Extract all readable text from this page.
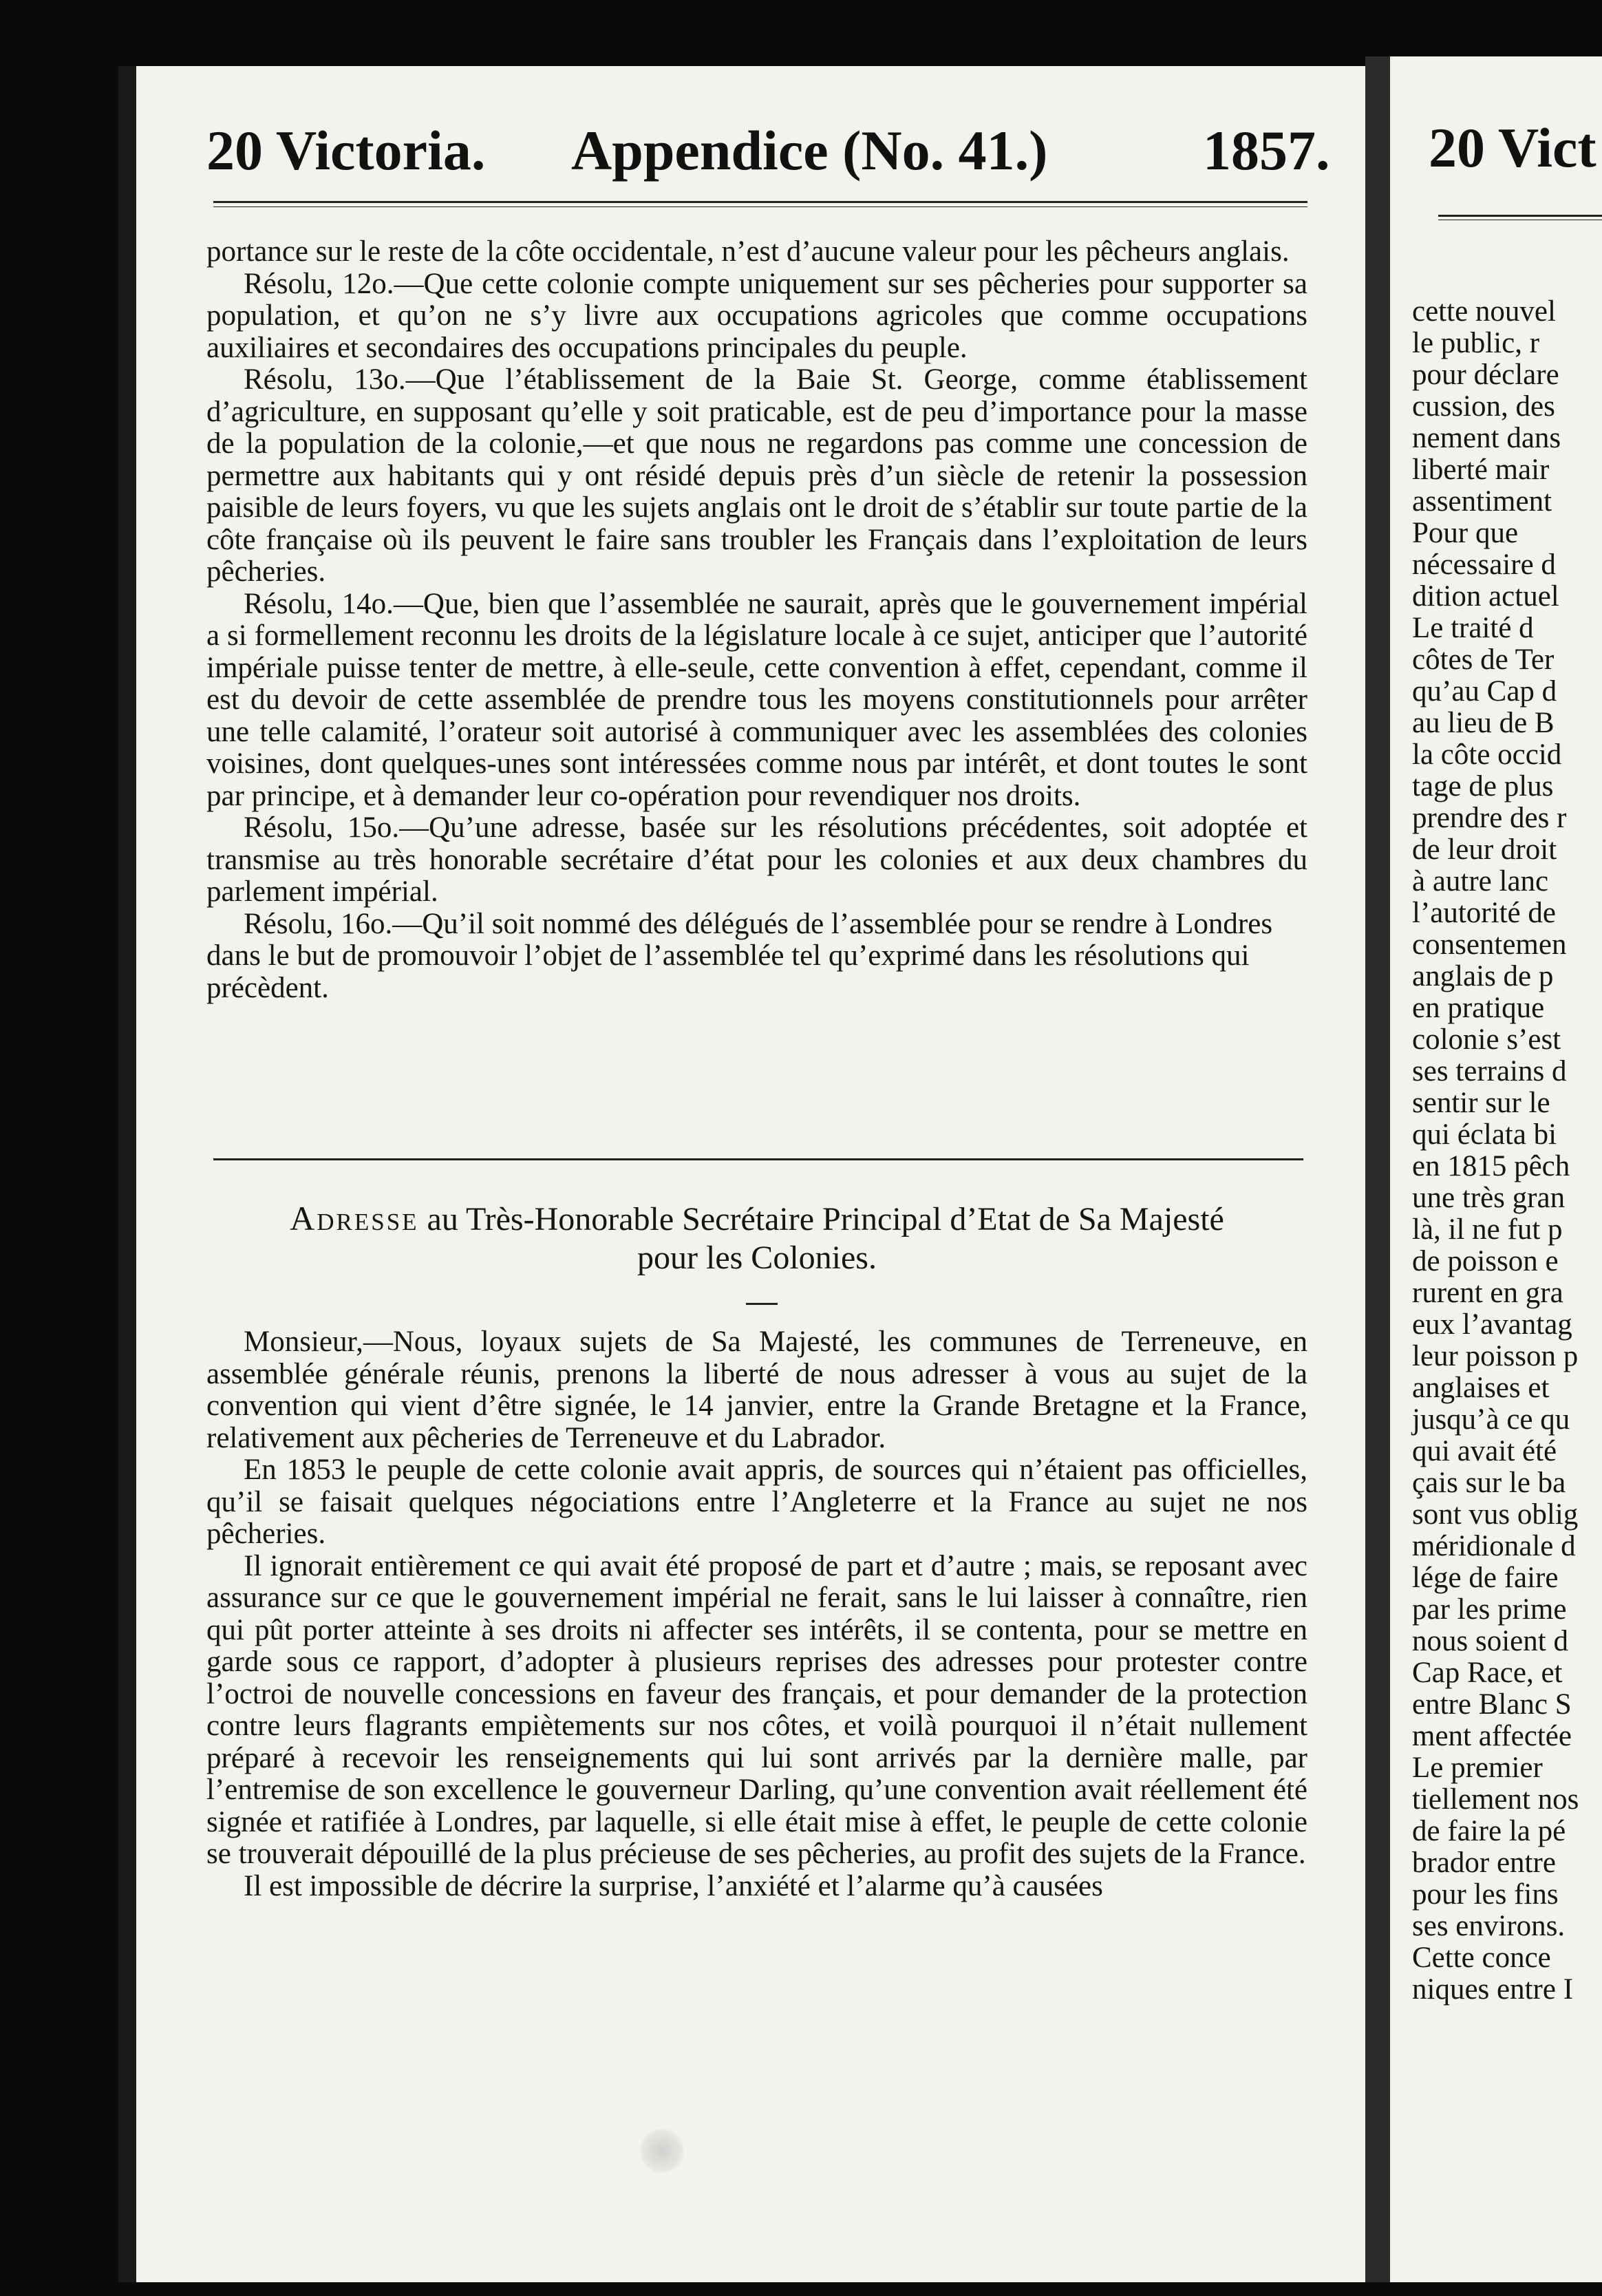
20 Vict
cette nouvel
le public, r
pour déclare
cussion, des
nement dans
liberté mair
assentiment
Pour que
nécessaire d
dition actuel
Le traité d
côtes de Ter
qu’au Cap d
au lieu de B
la côte occid
tage de plus
prendre des r
de leur droit
à autre lanc
l’autorité de
consentemen
anglais de p
en pratique
colonie s’est
ses terrains d
sentir sur le
qui éclata bi
en 1815 pêch
une très gran
là, il ne fut p
de poisson e
rurent en gra
eux l’avantag
leur poisson p
anglaises et
jusqu’à ce qu
qui avait été
çais sur le ba
sont vus oblig
méridionale d
lége de faire
par les prime
nous soient d
Cap Race, et
entre Blanc S
ment affectée
Le premier
tiellement nos
de faire la pé
brador entre
pour les fins
ses environs.
Cette conce
niques entre I
20 Victoria. Appendice (No. 41.)	1857.

portance sur le reste de la côte occidentale, n’est d’aucune valeur pour les pêcheurs anglais.

Résolu, 12o.—Que cette colonie compte uniquement sur ses pêcheries pour supporter sa population, et qu’on ne s’y livre aux occupations agricoles que comme occupations auxiliaires et secondaires des occupations principales du peuple.

Résolu, 13o.—Que l’établissement de la Baie St. George, comme établissement d’agriculture, en supposant qu’elle y soit praticable, est de peu d’importance pour la masse de la population de la colonie,—et que nous ne regardons pas comme une concession de permettre aux habitants qui y ont résidé depuis près d’un siècle de retenir la possession paisible de leurs foyers, vu que les sujets anglais ont le droit de s’établir sur toute partie de la côte française où ils peuvent le faire sans troubler les Français dans l’exploitation de leurs pêcheries.

Résolu, 14o.—Que, bien que l’assemblée ne saurait, après que le gouvernement impérial a si formellement reconnu les droits de la législature locale à ce sujet, anticiper que l’autorité impériale puisse tenter de mettre, à elle-seule, cette convention à effet, cependant, comme il est du devoir de cette assemblée de prendre tous les moyens constitutionnels pour arrêter une telle calamité, l’orateur soit autorisé à communiquer avec les assemblées des colonies voisines, dont quelques-unes sont intéressées comme nous par intérêt, et dont toutes le sont par principe, et à demander leur co-opération pour revendiquer nos droits.

Résolu, 15o.—Qu’une adresse, basée sur les résolutions précédentes, soit adoptée et transmise au très honorable secrétaire d’état pour les colonies et aux deux chambres du parlement impérial.

Résolu, 16o.—Qu’il soit nommé des délégués de l’assemblée pour se rendre à Londres dans le but de promouvoir l’objet de l’assemblée tel qu’exprimé dans les résolutions qui précèdent.

Adresse au Très-Honorable Secrétaire Principal d’Etat de Sa Majesté
pour les Colonies.

Monsieur,—Nous, loyaux sujets de Sa Majesté, les communes de Terreneuve, en assemblée générale réunis, prenons la liberté de nous adresser à vous au sujet de la convention qui vient d’être signée, le 14 janvier, entre la Grande Bretagne et la France, relativement aux pêcheries de Terreneuve et du Labrador.

En 1853 le peuple de cette colonie avait appris, de sources qui n’étaient pas officielles, qu’il se faisait quelques négociations entre l’Angleterre et la France au sujet ne nos pêcheries.

Il ignorait entièrement ce qui avait été proposé de part et d’autre ; mais, se reposant avec assurance sur ce que le gouvernement impérial ne ferait, sans le lui laisser à connaître, rien qui pût porter atteinte à ses droits ni affecter ses intérêts, il se contenta, pour se mettre en garde sous ce rapport, d’adopter à plusieurs reprises des adresses pour protester contre l’octroi de nouvelle concessions en faveur des français, et pour demander de la protection contre leurs flagrants empiètements sur nos côtes, et voilà pourquoi il n’était nullement préparé à recevoir les renseignements qui lui sont arrivés par la dernière malle, par l’entremise de son excellence le gouverneur Darling, qu’une convention avait réellement été signée et ratifiée à Londres, par laquelle, si elle était mise à effet, le peuple de cette colonie se trouverait dépouillé de la plus précieuse de ses pêcheries, au profit des sujets de la France.

Il est impossible de décrire la surprise, l’anxiété et l’alarme qu’à causées
